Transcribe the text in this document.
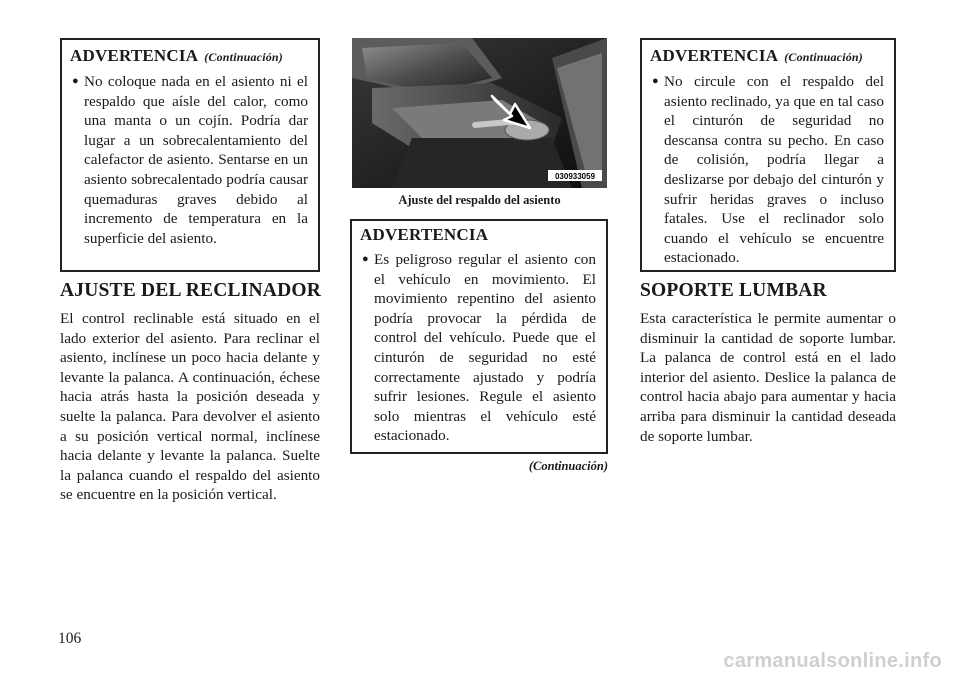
ADVERTENCIA (Continuación)
● No coloque nada en el asiento ni el respaldo que aísle del calor, como una manta o un cojín. Podría dar lugar a un sobrecalentamiento del calefactor de asiento. Sentarse en un asiento sobrecalentado podría causar quemaduras graves debido al incremento de temperatura en la superficie del asiento.
AJUSTE DEL RECLINADOR
El control reclinable está situado en el lado exterior del asiento. Para reclinar el asiento, inclínese un poco hacia delante y levante la palanca. A continuación, échese hacia atrás hasta la posición deseada y suelte la palanca. Para devolver el asiento a su posición vertical normal, inclínese hacia delante y levante la palanca. Suelte la palanca cuando el respaldo del asiento se encuentre en la posición vertical.
030933059
Ajuste del respaldo del asiento
ADVERTENCIA
● Es peligroso regular el asiento con el vehículo en movimiento. El movimiento repentino del asiento podría provocar la pérdida de control del vehículo. Puede que el cinturón de seguridad no esté correctamente ajustado y podría sufrir lesiones. Regule el asiento solo mientras el vehículo esté estacionado.
(Continuación)
ADVERTENCIA (Continuación)
● No circule con el respaldo del asiento reclinado, ya que en tal caso el cinturón de seguridad no descansa contra su pecho. En caso de colisión, podría llegar a deslizarse por debajo del cinturón y sufrir heridas graves o incluso fatales. Use el reclinador solo cuando el vehículo se encuentre estacionado.
SOPORTE LUMBAR
Esta característica le permite aumentar o disminuir la cantidad de soporte lumbar. La palanca de control está en el lado interior del asiento. Deslice la palanca de control hacia abajo para aumentar y hacia arriba para disminuir la cantidad deseada de soporte lumbar.
106
carmanualsonline.info
